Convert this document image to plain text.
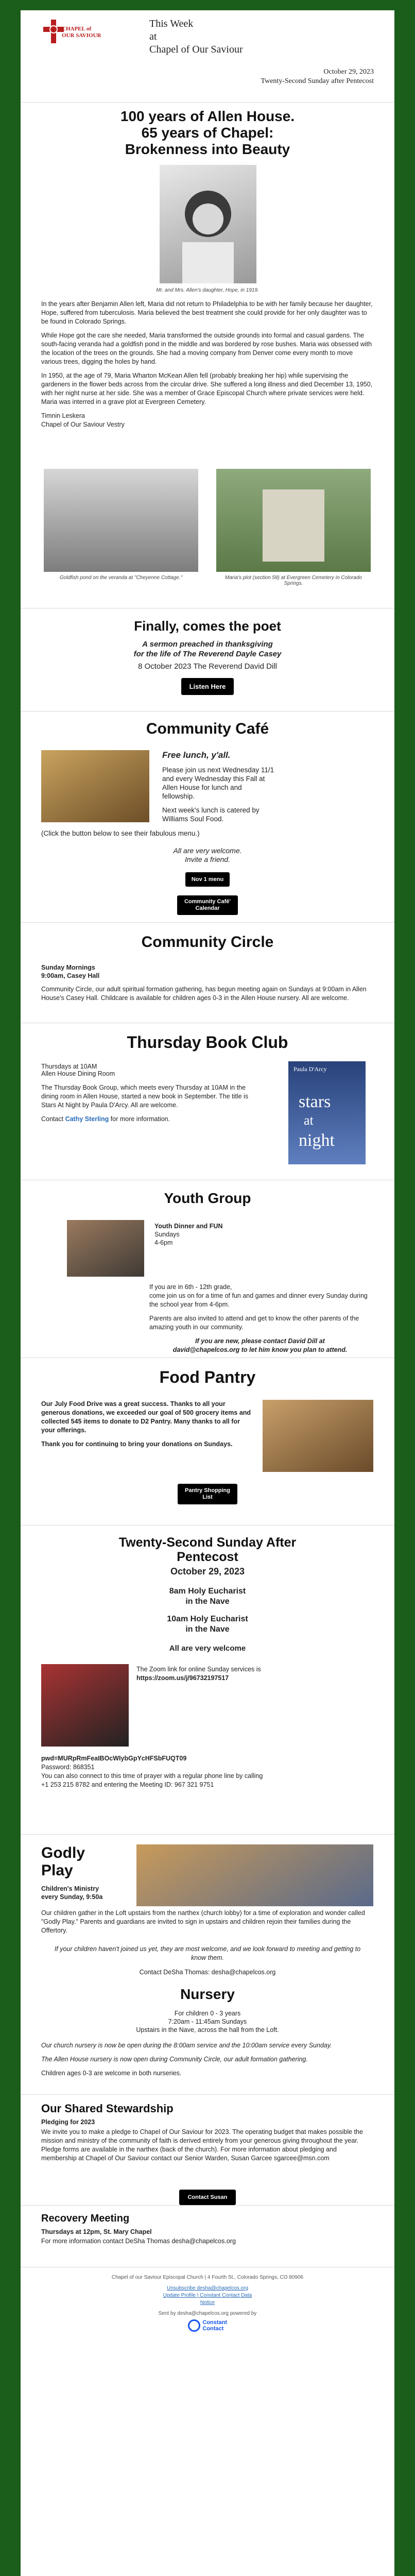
CHAPEL of
OUR SAVIOUR
This Week
at
Chapel of Our Saviour
October 29, 2023
Twenty-Second Sunday after Pentecost
100 years of Allen House.
65 years of Chapel:
Brokenness into Beauty
Mr. and Mrs. Allen's daughter, Hope, in 1919.

In the years after Benjamin Allen left, Maria did not return to Philadelphia to be with her family because her daughter, Hope, suffered from tuberculosis. Maria believed the best treatment she could provide for her only daughter was to be found in Colorado Springs.

While Hope got the care she needed, Maria transformed the outside grounds into formal and casual gardens. The south-facing veranda had a goldfish pond in the middle and was bordered by rose bushes. Maria was obsessed with the location of the trees on the grounds. She had a moving company from Denver come every month to move various trees, digging the holes by hand.

In 1950, at the age of 79, Maria Wharton McKean Allen fell (probably breaking her hip) while supervising the gardeners in the flower beds across from the circular drive. She suffered a long illness and died December 13, 1950, with her night nurse at her side. She was a member of Grace Episcopal Church where private services were held. Maria was interred in a grave plot at Evergreen Cemetery.

Timnin Leskera
Chapel of Our Saviour Vestry
Goldfish pond on the veranda at "Cheyenne Cottage."	Maria's plot (section 58) at Evergreen Cemetery in Colorado Springs.
Finally, comes the poet
A sermon preached in thanksgiving
for the life of The Reverend Dayle Casey
8 October 2023 The Reverend David Dill
Listen Here
Community Café
Free lunch, y'all.

Please join us next Wednesday 11/1 and every Wednesday this Fall at Allen House for lunch and fellowship.

Next week's lunch is catered by Williams Soul Food.

(Click the button below to see their fabulous menu.)
All are very welcome.
Invite a friend.
Nov 1 menu
Community Café'
Calendar
Community Circle
Sunday Mornings
9:00am, Casey Hall

Community Circle, our adult spiritual formation gathering, has begun meeting again on Sundays at 9:00am in Allen House's Casey Hall. Childcare is available for children ages 0-3 in the Allen House nursery. All are welcome.

Thursday Book Club
Thursdays at 10AM
Allen House Dining Room

The Thursday Book Group, which meets every Thursday at 10AM in the dining room in Allen House, started a new book in September. The title is Stars At Night by Paula D'Arcy. All are welcome.

Contact Cathy Sterling for more information.

Paula D'Arcy
stars
at
night
Youth Group
Youth Dinner and FUN
Sundays
4-6pm

If you are in 6th - 12th grade,
come join us on for a time of fun and games and dinner every Sunday during the school year from 4-6pm.

Parents are also invited to attend and get to know the other parents of the amazing youth in our community.

If you are new, please contact David Dill at
david@chapelcos.org to let him know you plan to attend.

Food Pantry

Our July Food Drive was a great success. Thanks to all your generous donations, we exceeded our goal of 500 grocery items and collected 545 items to donate to D2 Pantry. Many thanks to all for your offerings.

Thank you for continuing to bring your donations on Sundays.

Pantry Shopping
List
Twenty-Second Sunday After
Pentecost
October 29, 2023
8am Holy Eucharist
in the Nave
10am Holy Eucharist
in the Nave
All are very welcome

The Zoom link for online Sunday services is

https://zoom.us/j/96732197517

pwd=MURpRmFeaIBOcWIybGpYcHFSbFUQT09
Password: 868351
You can also connect to this time of prayer with a regular phone line by calling
+1 253 215 8782 and entering the Meeting ID: 967 321 9751
Godly
Play
Children's Ministry
every Sunday, 9:50a

Our children gather in the Loft upstairs from the narthex (church lobby) for a time of exploration and wonder called "Godly Play." Parents and guardians are invited to sign in upstairs and children rejoin their families during the Offertory.

If your children haven't joined us yet, they are most welcome, and we look forward to meeting and getting to know them.

Contact DeSha Thomas: desha@chapelcos.org

Nursery
For children 0 - 3 years
7:20am - 11:45am Sundays
Upstairs in the Nave, across the hall from the Loft.

Our church nursery is now be open during the 8:00am service and the 10:00am service every Sunday.

The Allen House nursery is now open during Community Circle, our adult formation gathering.

Children ages 0-3 are welcome in both nurseries.

Our Shared Stewardship
Pledging for 2023

We invite you to make a pledge to Chapel of Our Saviour for 2023. The operating budget that makes possible the mission and ministry of the community of faith is derived entirely from your generous giving throughout the year. Pledge forms are available in the narthex (back of the church). For more information about pledging and membership at Chapel of Our Saviour contact our Senior Warden, Susan Garcee sgarcee@msn.com

Contact Susan
Recovery Meeting
Thursdays at 12pm, St. Mary Chapel
For more information contact DeSha Thomas desha@chapelcos.org
Chapel of our Saviour Episcopal Church | 4 Fourth St., Colorado Springs, CO 80906
Unsubscribe desha@chapelcos.org
Update Profile | Constant Contact Data
Notice
Sent by desha@chapelcos.org powered by
Constant
Contact
